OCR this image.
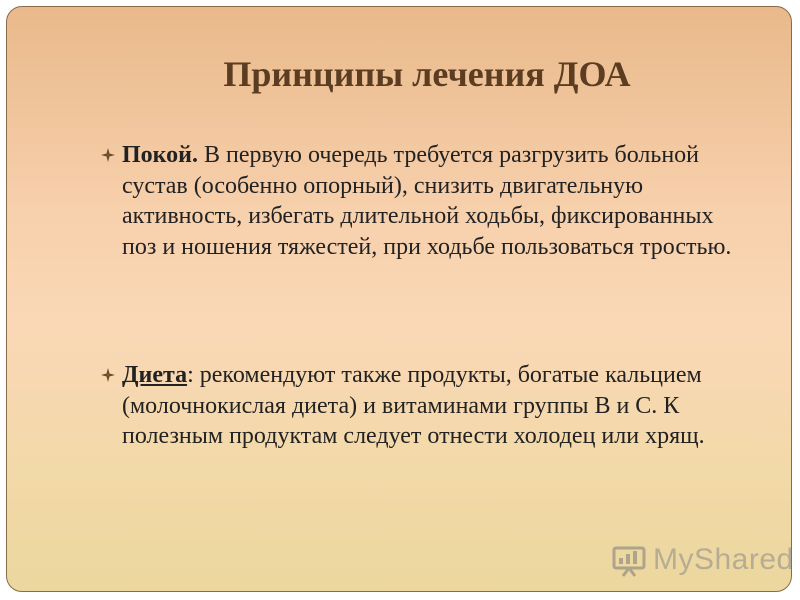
Принципы лечения ДОА
Покой. В первую очередь требуется разгрузить больной сустав (особенно опорный), снизить двигательную активность, избегать длительной ходьбы, фиксированных поз и ношения тяжестей, при ходьбе пользоваться тростью.
Диета: рекомендуют также продукты, богатые кальцием (молочнокислая диета) и витаминами группы В и С. К полезным продуктам следует отнести холодец или хрящ.
MyShared
